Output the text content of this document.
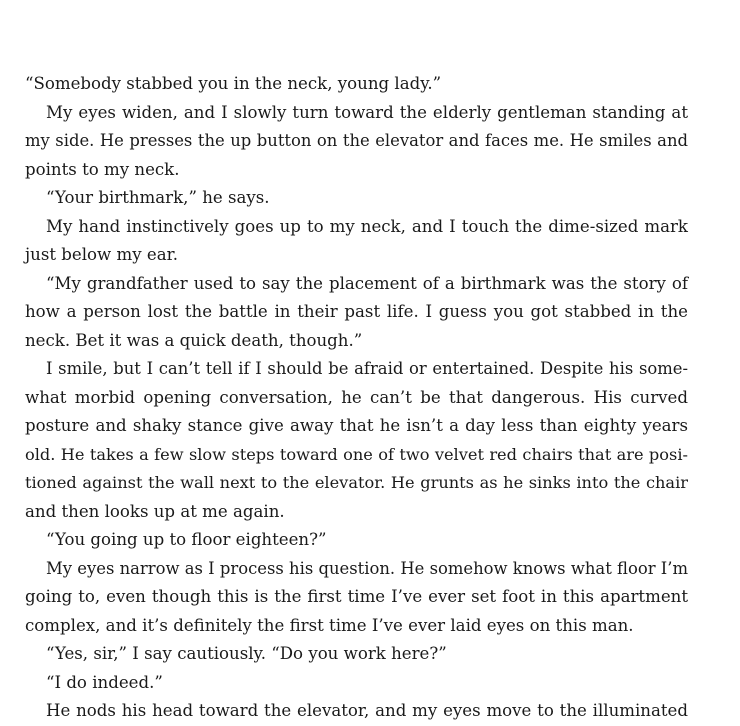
“Somebody stabbed you in the neck, young lady.”
My eyes widen, and I slowly turn toward the elderly gentleman standing at
my side. He presses the up button on the elevator and faces me. He smiles and
points to my neck.
“Your birthmark,” he says.
My hand instinctively goes up to my neck, and I touch the dime-sized mark
just below my ear.
“My grandfather used to say the placement of a birthmark was the story of
how a person lost the battle in their past life. I guess you got stabbed in the
neck. Bet it was a quick death, though.”
I smile, but I can’t tell if I should be afraid or entertained. Despite his some-
what morbid opening conversation, he can’t be that dangerous. His curved
posture and shaky stance give away that he isn’t a day less than eighty years
old. He takes a few slow steps toward one of two velvet red chairs that are posi-
tioned against the wall next to the elevator. He grunts as he sinks into the chair
and then looks up at me again.
“You going up to floor eighteen?”
My eyes narrow as I process his question. He somehow knows what floor I’m
going to, even though this is the first time I’ve ever set foot in this apartment
complex, and it’s definitely the first time I’ve ever laid eyes on this man.
“Yes, sir,” I say cautiously. “Do you work here?”
“I do indeed.”
He nods his head toward the elevator, and my eyes move to the illuminated
